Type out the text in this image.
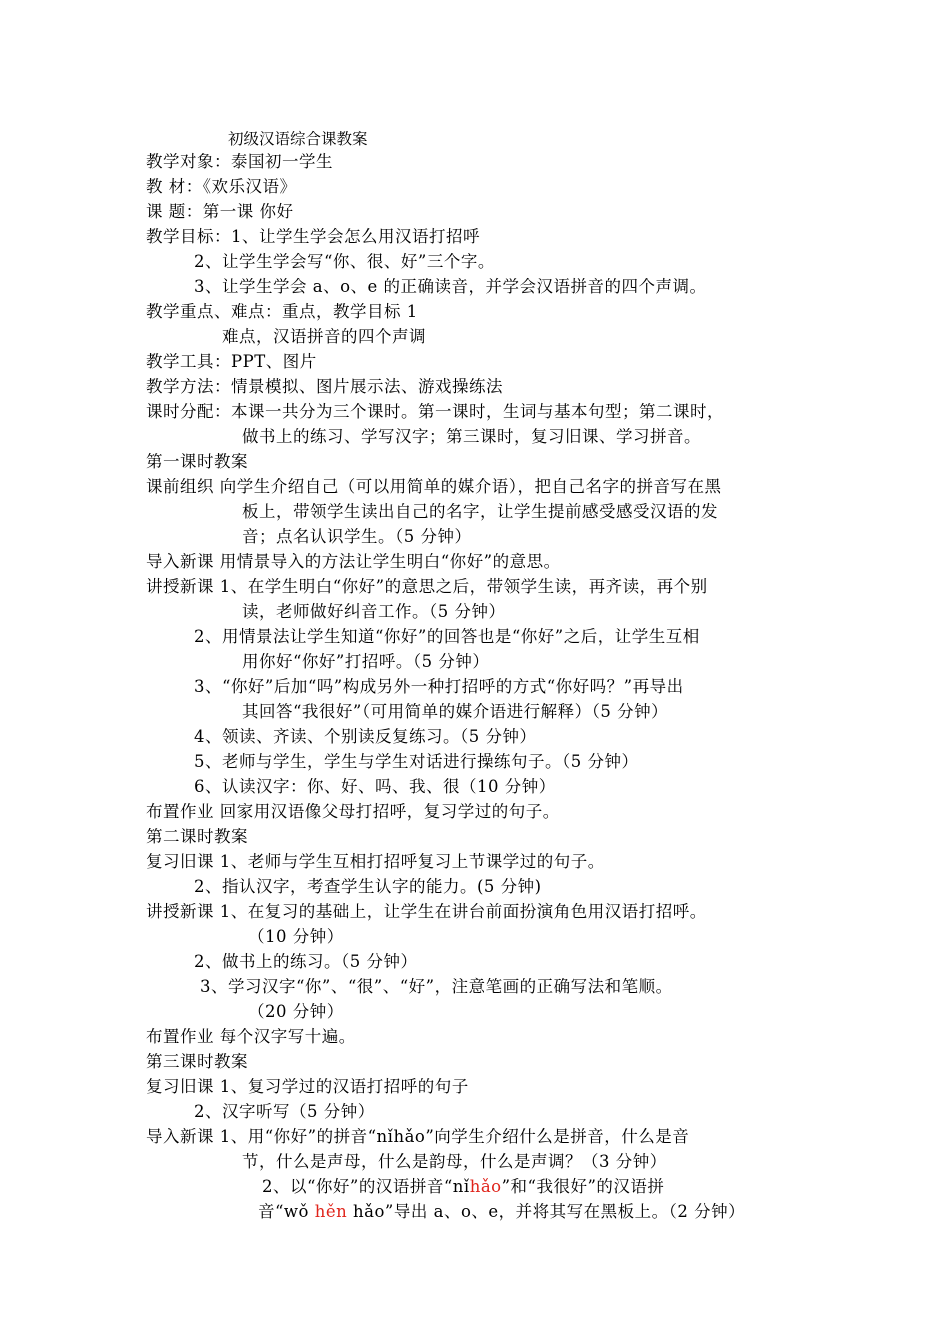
初级汉语综合课教案
教学对象：泰国初一学生
教 材：《欢乐汉语》
课 题：第一课 你好
教学目标：1、让学生学会怎么用汉语打招呼
2、让学生学会写“你、很、好”三个字。
3、让学生学会 a、o、e 的正确读音，并学会汉语拼音的四个声调。
教学重点、难点：重点，教学目标 1
难点，汉语拼音的四个声调
教学工具：PPT、图片
教学方法：情景模拟、图片展示法、游戏操练法
课时分配：本课一共分为三个课时。第一课时，生词与基本句型；第二课时，
做书上的练习、学写汉字；第三课时，复习旧课、学习拼音。
第一课时教案
课前组织 向学生介绍自己（可以用简单的媒介语），把自己名字的拼音写在黑
板上，带领学生读出自己的名字，让学生提前感受感受汉语的发
音；点名认识学生。（5 分钟）
导入新课 用情景导入的方法让学生明白“你好”的意思。
讲授新课 1、在学生明白“你好”的意思之后，带领学生读，再齐读，再个别
读，老师做好纠音工作。（5 分钟）
2、用情景法让学生知道“你好”的回答也是“你好”之后，让学生互相
用你好“你好”打招呼。（5 分钟）
3、“你好”后加“吗”构成另外一种打招呼的方式“你好吗？”再导出
其回答“我很好”（可用简单的媒介语进行解释）（5 分钟）
4、领读、齐读、个别读反复练习。（5 分钟）
5、老师与学生，学生与学生对话进行操练句子。（5 分钟）
6、认读汉字：你、好、吗、我、很（10 分钟）
布置作业 回家用汉语像父母打招呼，复习学过的句子。
第二课时教案
复习旧课 1、老师与学生互相打招呼复习上节课学过的句子。
2、指认汉字，考查学生认字的能力。(5 分钟)
讲授新课 1、在复习的基础上，让学生在讲台前面扮演角色用汉语打招呼。
（10 分钟）
2、做书上的练习。（5 分钟）
3、学习汉字“你”、“很”、“好”，注意笔画的正确写法和笔顺。
（20 分钟）
布置作业 每个汉字写十遍。
第三课时教案
复习旧课 1、复习学过的汉语打招呼的句子
2、汉字听写（5 分钟）
导入新课 1、用“你好”的拼音“nǐhǎo”向学生介绍什么是拼音，什么是音
节，什么是声母，什么是韵母，什么是声调？（3 分钟）
2、以“你好”的汉语拼音“nǐhǎo”和“我很好”的汉语拼
音“wǒ hěn hǎo”导出 a、o、e，并将其写在黑板上。（2 分钟）
